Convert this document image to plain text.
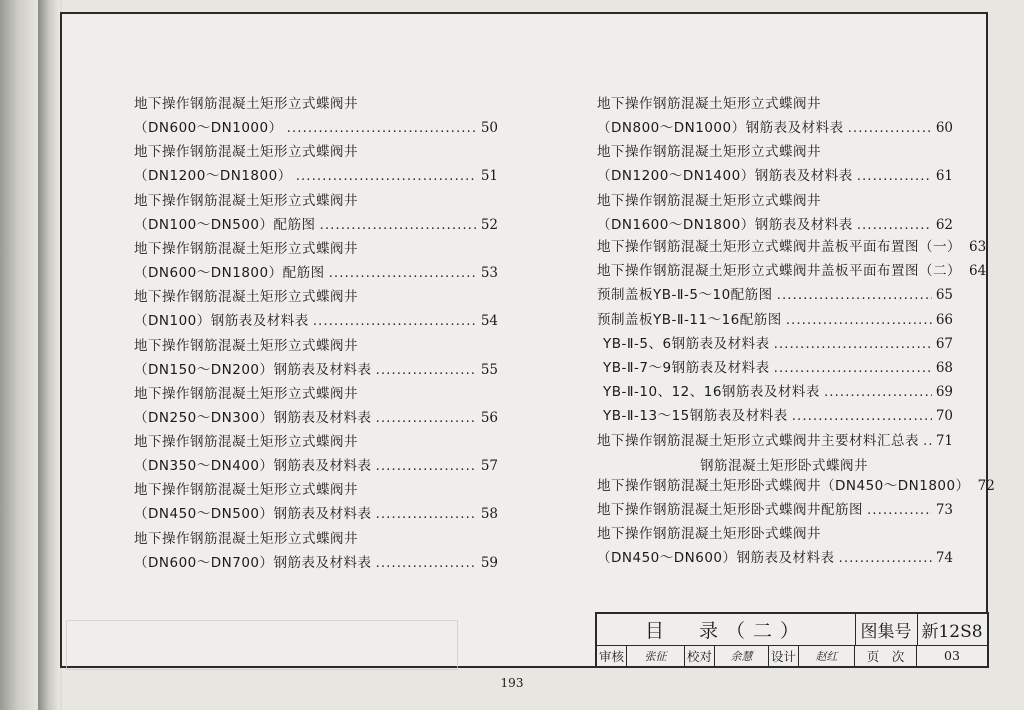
地下操作钢筋混凝土矩形立式蝶阀井
（DN600～DN1000） .....	50
地下操作钢筋混凝土矩形立式蝶阀井
（DN1200～DN1800） .....	51
地下操作钢筋混凝土矩形立式蝶阀井
（DN100～DN500）配筋图 .....	52
地下操作钢筋混凝土矩形立式蝶阀井
（DN600～DN1800）配筋图 .....	53
地下操作钢筋混凝土矩形立式蝶阀井
（DN100）钢筋表及材料表 .....	54
地下操作钢筋混凝土矩形立式蝶阀井
（DN150～DN200）钢筋表及材料表 .....	55
地下操作钢筋混凝土矩形立式蝶阀井
（DN250～DN300）钢筋表及材料表 .....	56
地下操作钢筋混凝土矩形立式蝶阀井
（DN350～DN400）钢筋表及材料表 .....	57
地下操作钢筋混凝土矩形立式蝶阀井
（DN450～DN500）钢筋表及材料表 .....	58
地下操作钢筋混凝土矩形立式蝶阀井
（DN600～DN700）钢筋表及材料表 .....	59
地下操作钢筋混凝土矩形立式蝶阀井
（DN800～DN1000）钢筋表及材料表 .....	60
地下操作钢筋混凝土矩形立式蝶阀井
（DN1200～DN1400）钢筋表及材料表 .....	61
地下操作钢筋混凝土矩形立式蝶阀井
（DN1600～DN1800）钢筋表及材料表 .....	62
地下操作钢筋混凝土矩形立式蝶阀井盖板平面布置图（一） 63
地下操作钢筋混凝土矩形立式蝶阀井盖板平面布置图（二） 64
预制盖板YB-Ⅱ-5～10配筋图 .....	65
预制盖板YB-Ⅱ-11～16配筋图 .....	66
YB-Ⅱ-5、6钢筋表及材料表 .....	67
YB-Ⅱ-7～9钢筋表及材料表 .....	68
YB-Ⅱ-10、12、16钢筋表及材料表 .....	69
YB-Ⅱ-13～15钢筋表及材料表 .....	70
地下操作钢筋混凝土矩形立式蝶阀井主要材料汇总表 ..... 71
钢筋混凝土矩形卧式蝶阀井
地下操作钢筋混凝土矩形卧式蝶阀井（DN450～DN1800） 72
地下操作钢筋混凝土矩形卧式蝶阀井配筋图 .....	73
地下操作钢筋混凝土矩形卧式蝶阀井
（DN450～DN600）钢筋表及材料表 .....	74
目　录（二）	图集号 新12S8
审核	张征	校对	余慧	设计	赵红	页　次	03
193
